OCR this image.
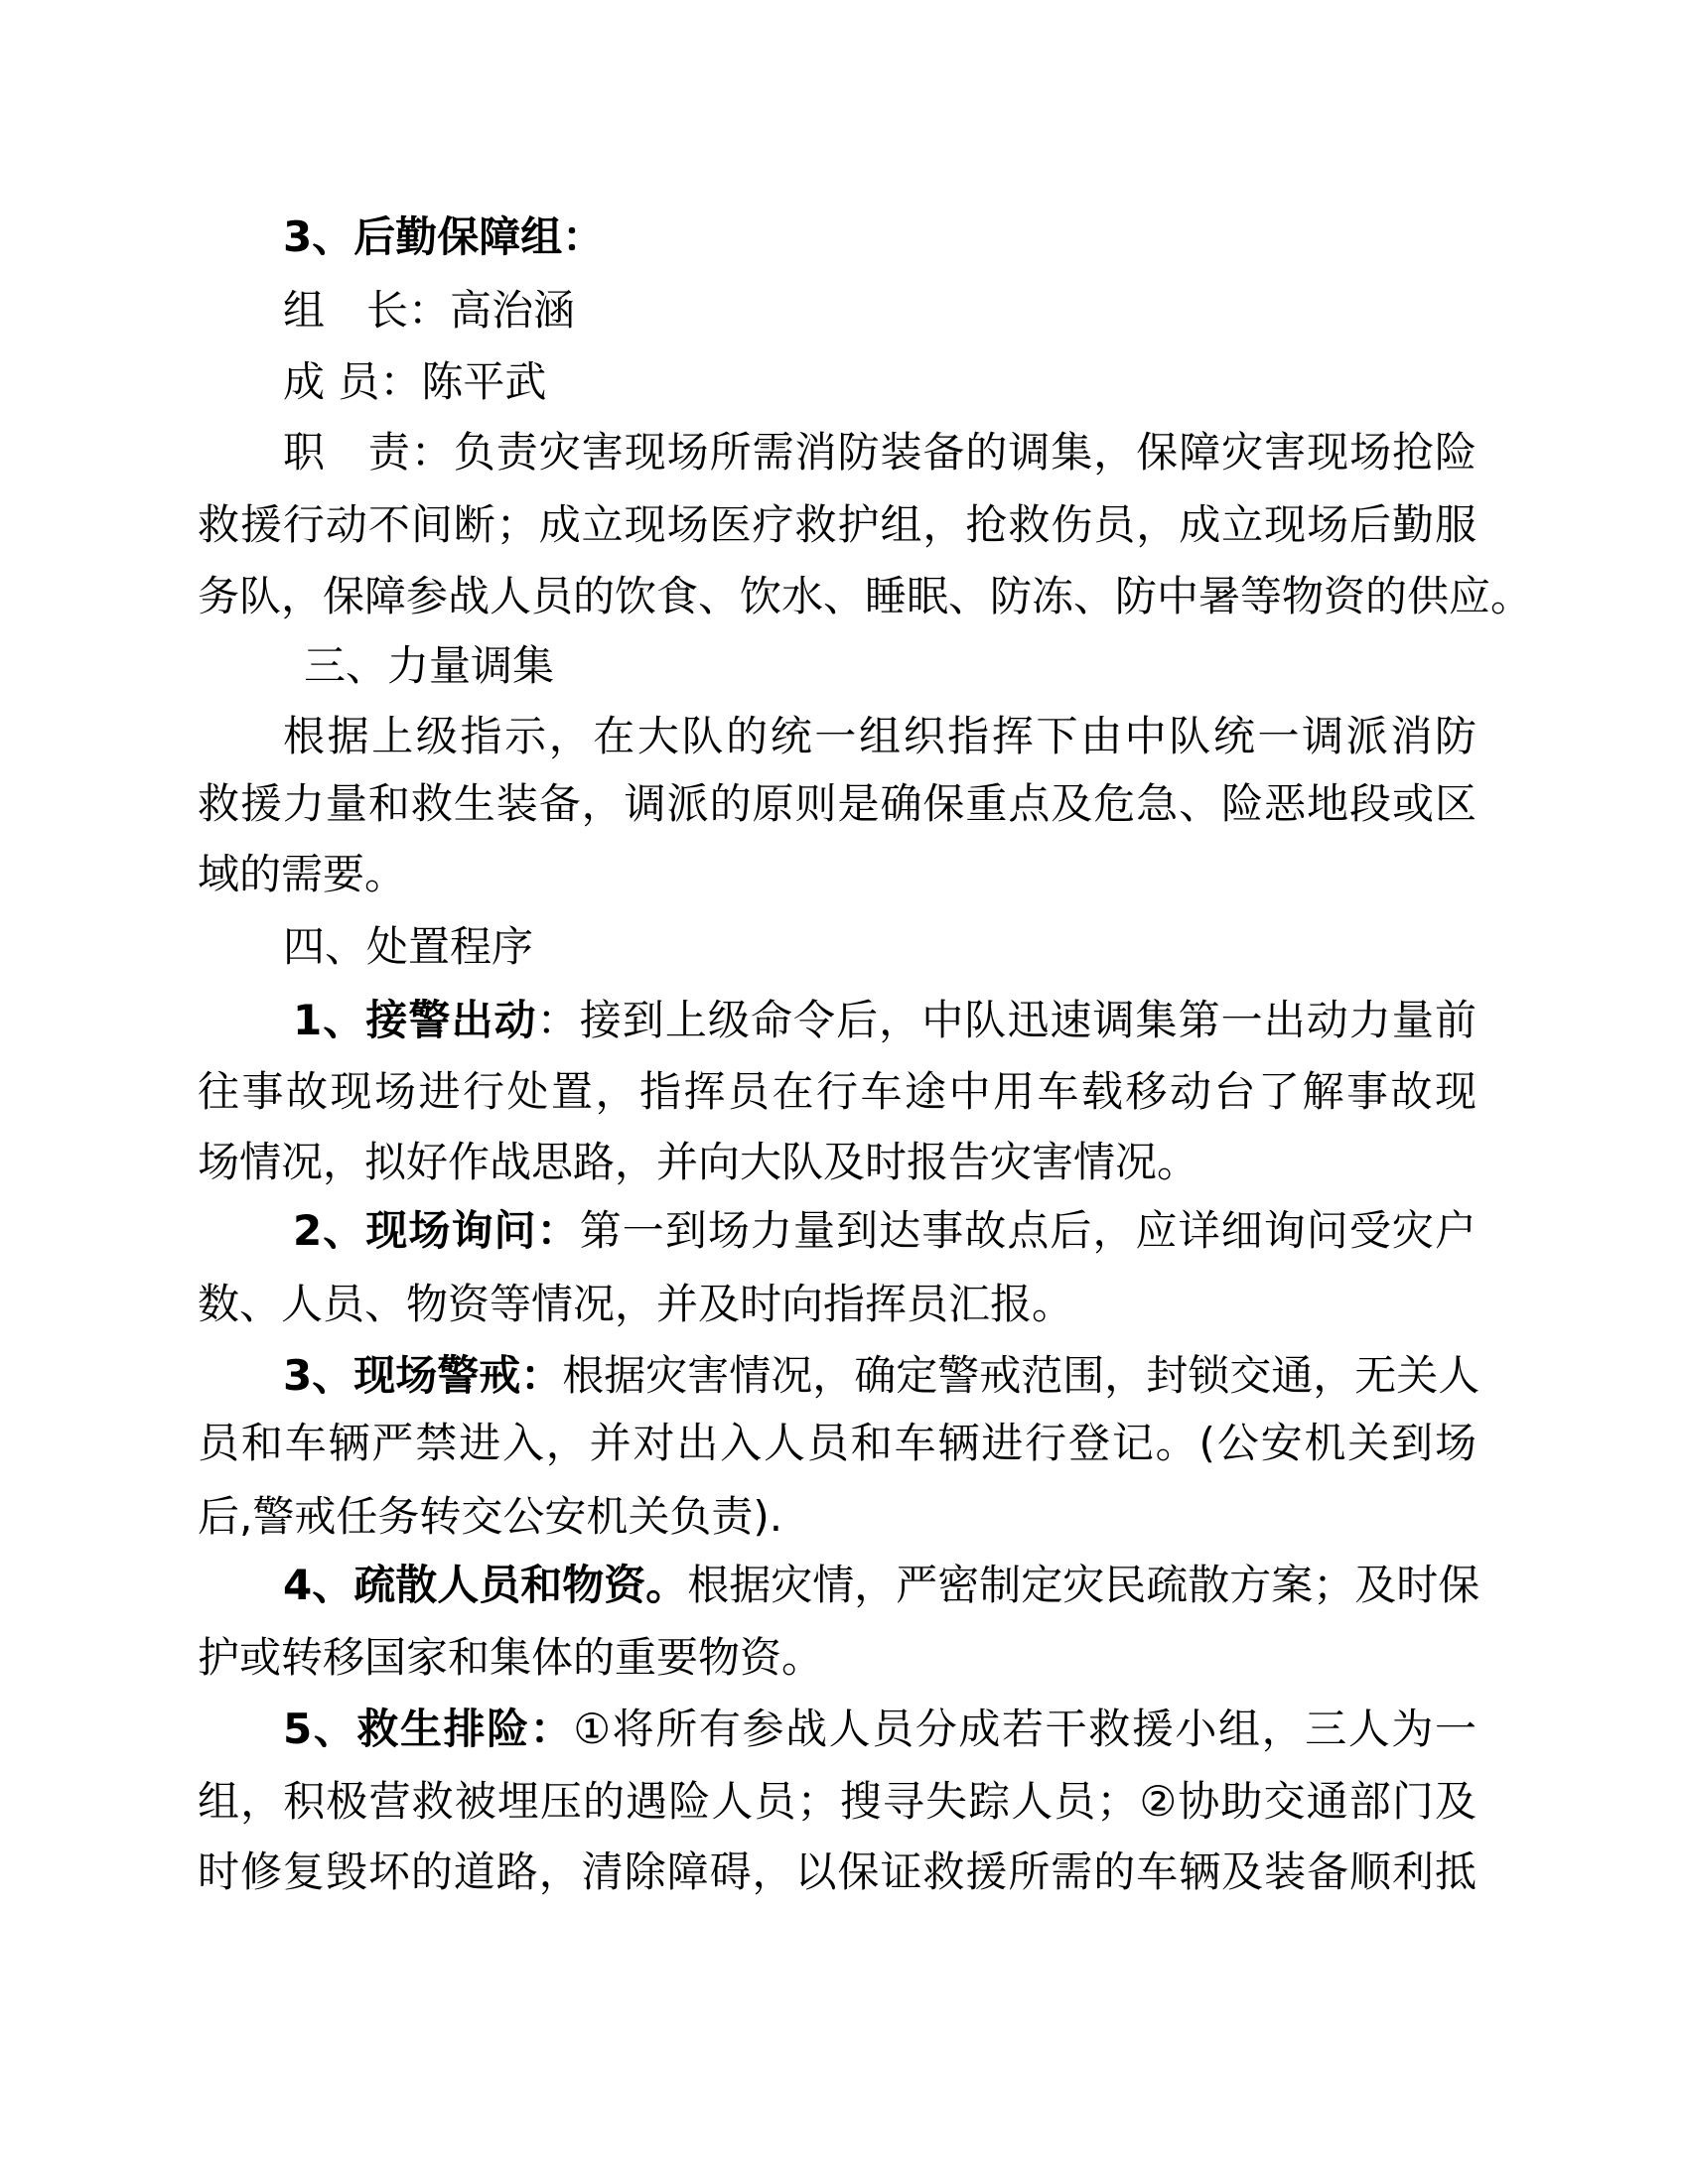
3、后勤保障组：
组　长：高治涵
成 员：陈平武
职　责：负责灾害现场所需消防装备的调集，保障灾害现场抢险
救援行动不间断；成立现场医疗救护组，抢救伤员，成立现场后勤服
务队，保障参战人员的饮食、饮水、睡眠、防冻、防中暑等物资的供应。
三、力量调集
根据上级指示，在大队的统一组织指挥下由中队统一调派消防
救援力量和救生装备，调派的原则是确保重点及危急、险恶地段或区
域的需要。
四、处置程序
1、接警出动：接到上级命令后，中队迅速调集第一出动力量前
往事故现场进行处置，指挥员在行车途中用车载移动台了解事故现
场情况，拟好作战思路，并向大队及时报告灾害情况。
2、现场询问：第一到场力量到达事故点后，应详细询问受灾户
数、人员、物资等情况，并及时向指挥员汇报。
3、现场警戒：根据灾害情况，确定警戒范围，封锁交通，无关人
员和车辆严禁进入，并对出入人员和车辆进行登记。(公安机关到场
后,警戒任务转交公安机关负责).
4、疏散人员和物资。根据灾情，严密制定灾民疏散方案；及时保
护或转移国家和集体的重要物资。
5、救生排险：①将所有参战人员分成若干救援小组，三人为一
组，积极营救被埋压的遇险人员；搜寻失踪人员；②协助交通部门及
时修复毁坏的道路，清除障碍，以保证救援所需的车辆及装备顺利抵
